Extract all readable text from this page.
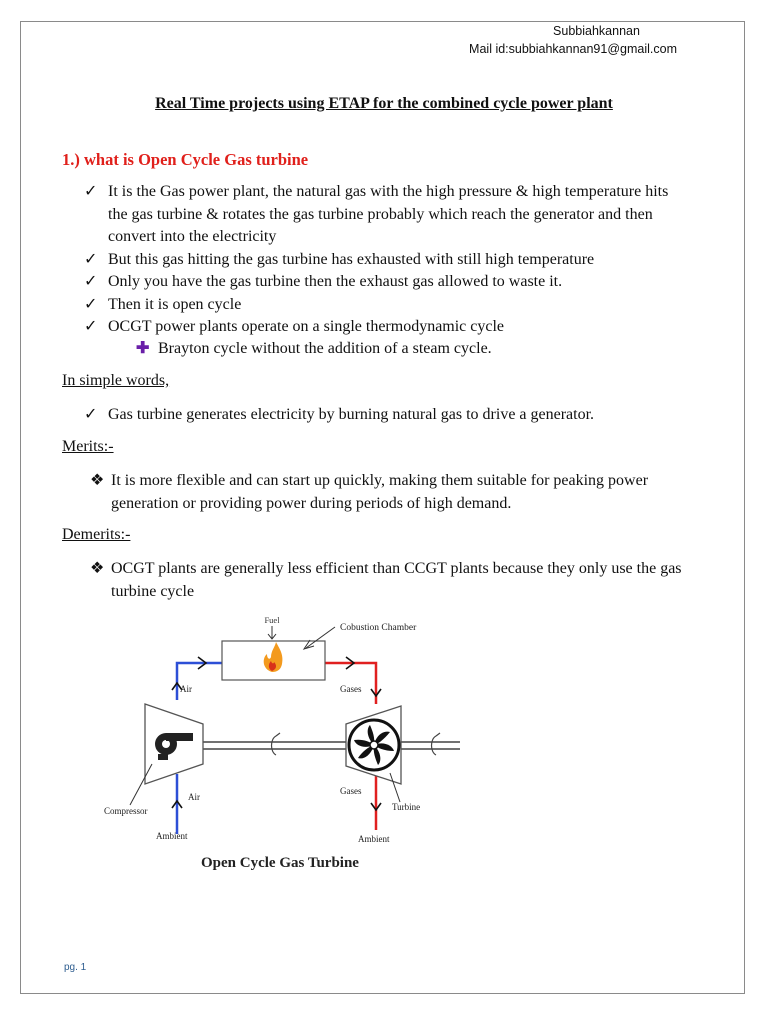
Subbiahkannan
Mail id:subbiahkannan91@gmail.com
Real Time projects using ETAP for the combined cycle power plant
1.) what is Open Cycle Gas turbine
✓ It is the Gas power plant, the natural gas with the high pressure & high temperature hits the gas turbine & rotates the gas turbine probably which reach the generator and then convert into the electricity
✓ But this gas hitting the gas turbine has exhausted with still high temperature
✓ Only you have the gas turbine then the exhaust gas allowed to waste it.
✓ Then it is open cycle
✓ OCGT power plants operate on a single thermodynamic cycle
✚ Brayton cycle without the addition of a steam cycle.
In simple words,
✓ Gas turbine generates electricity by burning natural gas to drive a generator.
Merits:-
❖ It is more flexible and can start up quickly, making them suitable for peaking power generation or providing power during periods of high demand.
Demerits:-
❖ OCGT plants are generally less efficient than CCGT plants because they only use the gas turbine cycle
Fuel
Cobustion Chamber
Air
Air
Compressor
Ambient
Gases
Gases
Turbine
Ambient
Open Cycle Gas Turbine
pg. 1
